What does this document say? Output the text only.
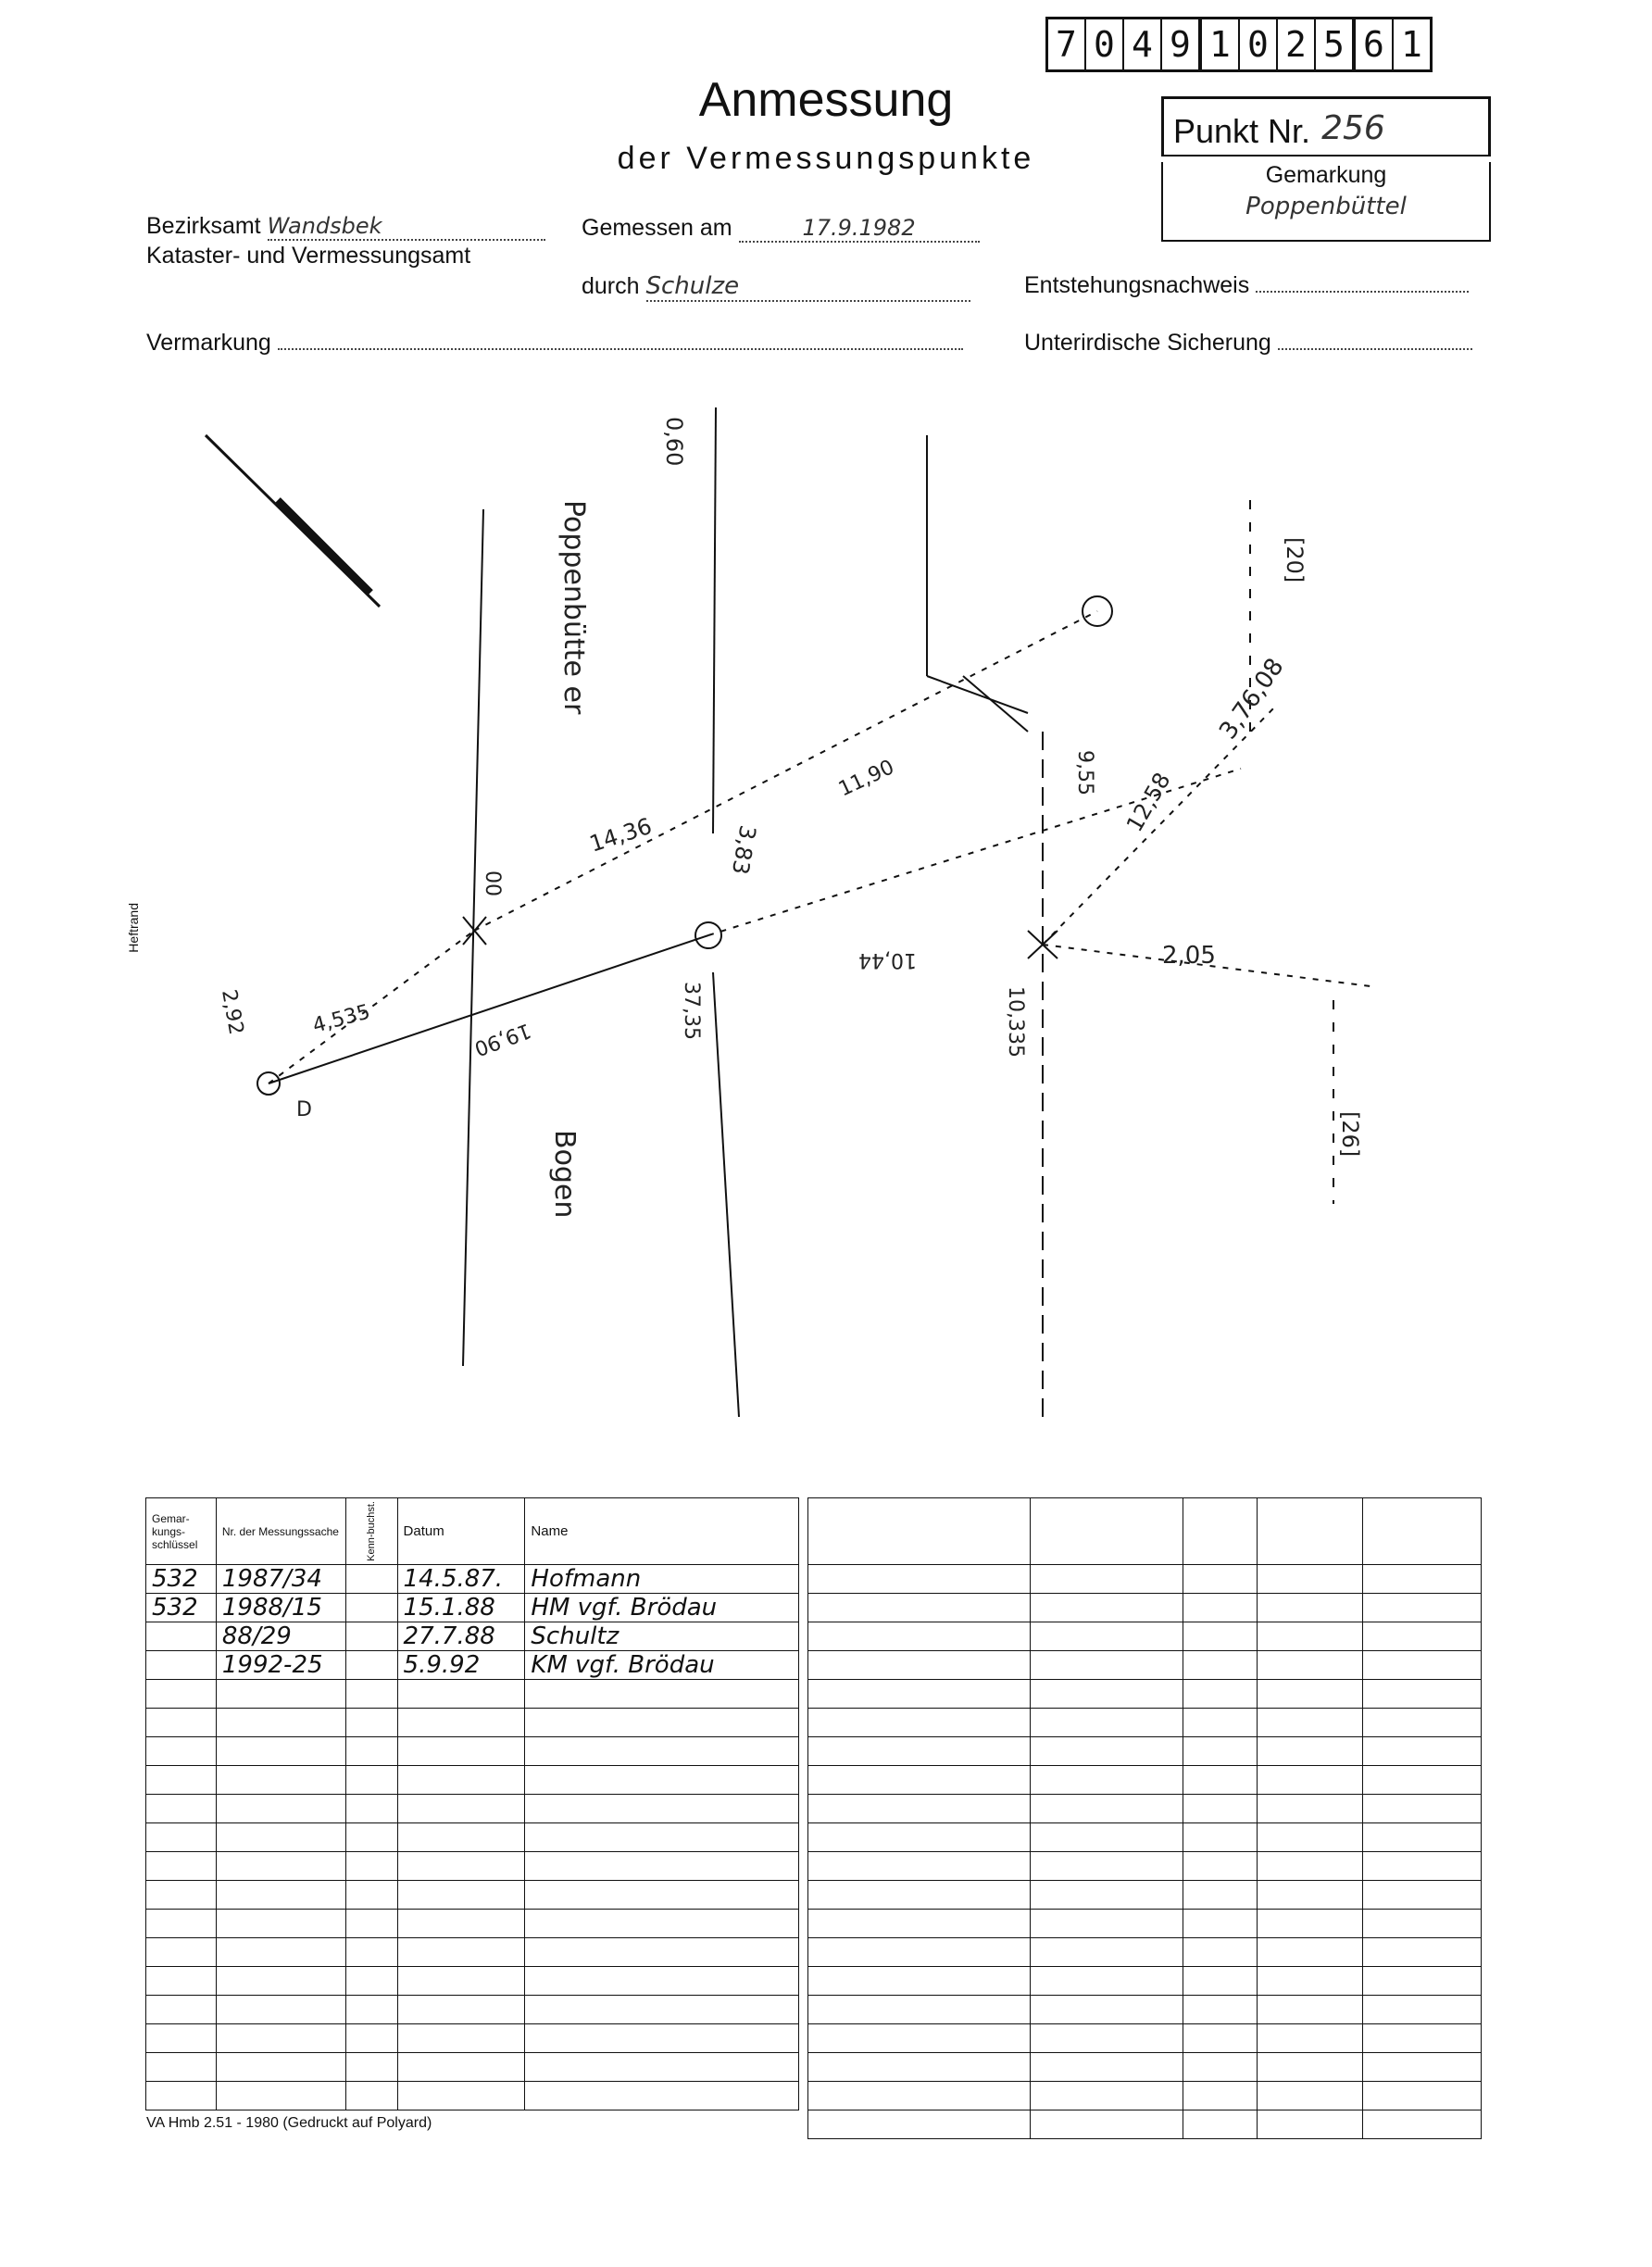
7 0 4 9 1 0 2 5 6 1
Anmessung
der Vermessungspunkte
Punkt Nr. 256
Gemarkung
Poppenbüttel
Bezirksamt Wandsbek
Kataster- und Vermessungsamt
Gemessen am	17.9.1982
durch Schulze	Entstehungsnachweis
Vermarkung	Unterirdische Sicherung
Heftrand
Poppenbütte er
Bogen
0,60
14,36
00
11,90
3,83
12,58
4,535	19,90	37,35
10,44
10,335
2,05
9,55
[20]
3,76,08
[26]
2,92
D
Gemar-kungs-schlüssel	Nr. der Messungssache	Kenn-buchst.	Datum	Name
532	1987/34		14.5.87.	Hofmann
532	1988/15		15.1.88	HM vgf. Brödau
	88/29		27.7.88	Schultz
	1992-25		5.9.92	KM vgf. Brödau

VA Hmb 2.51 - 1980 (Gedruckt auf Polyard)
